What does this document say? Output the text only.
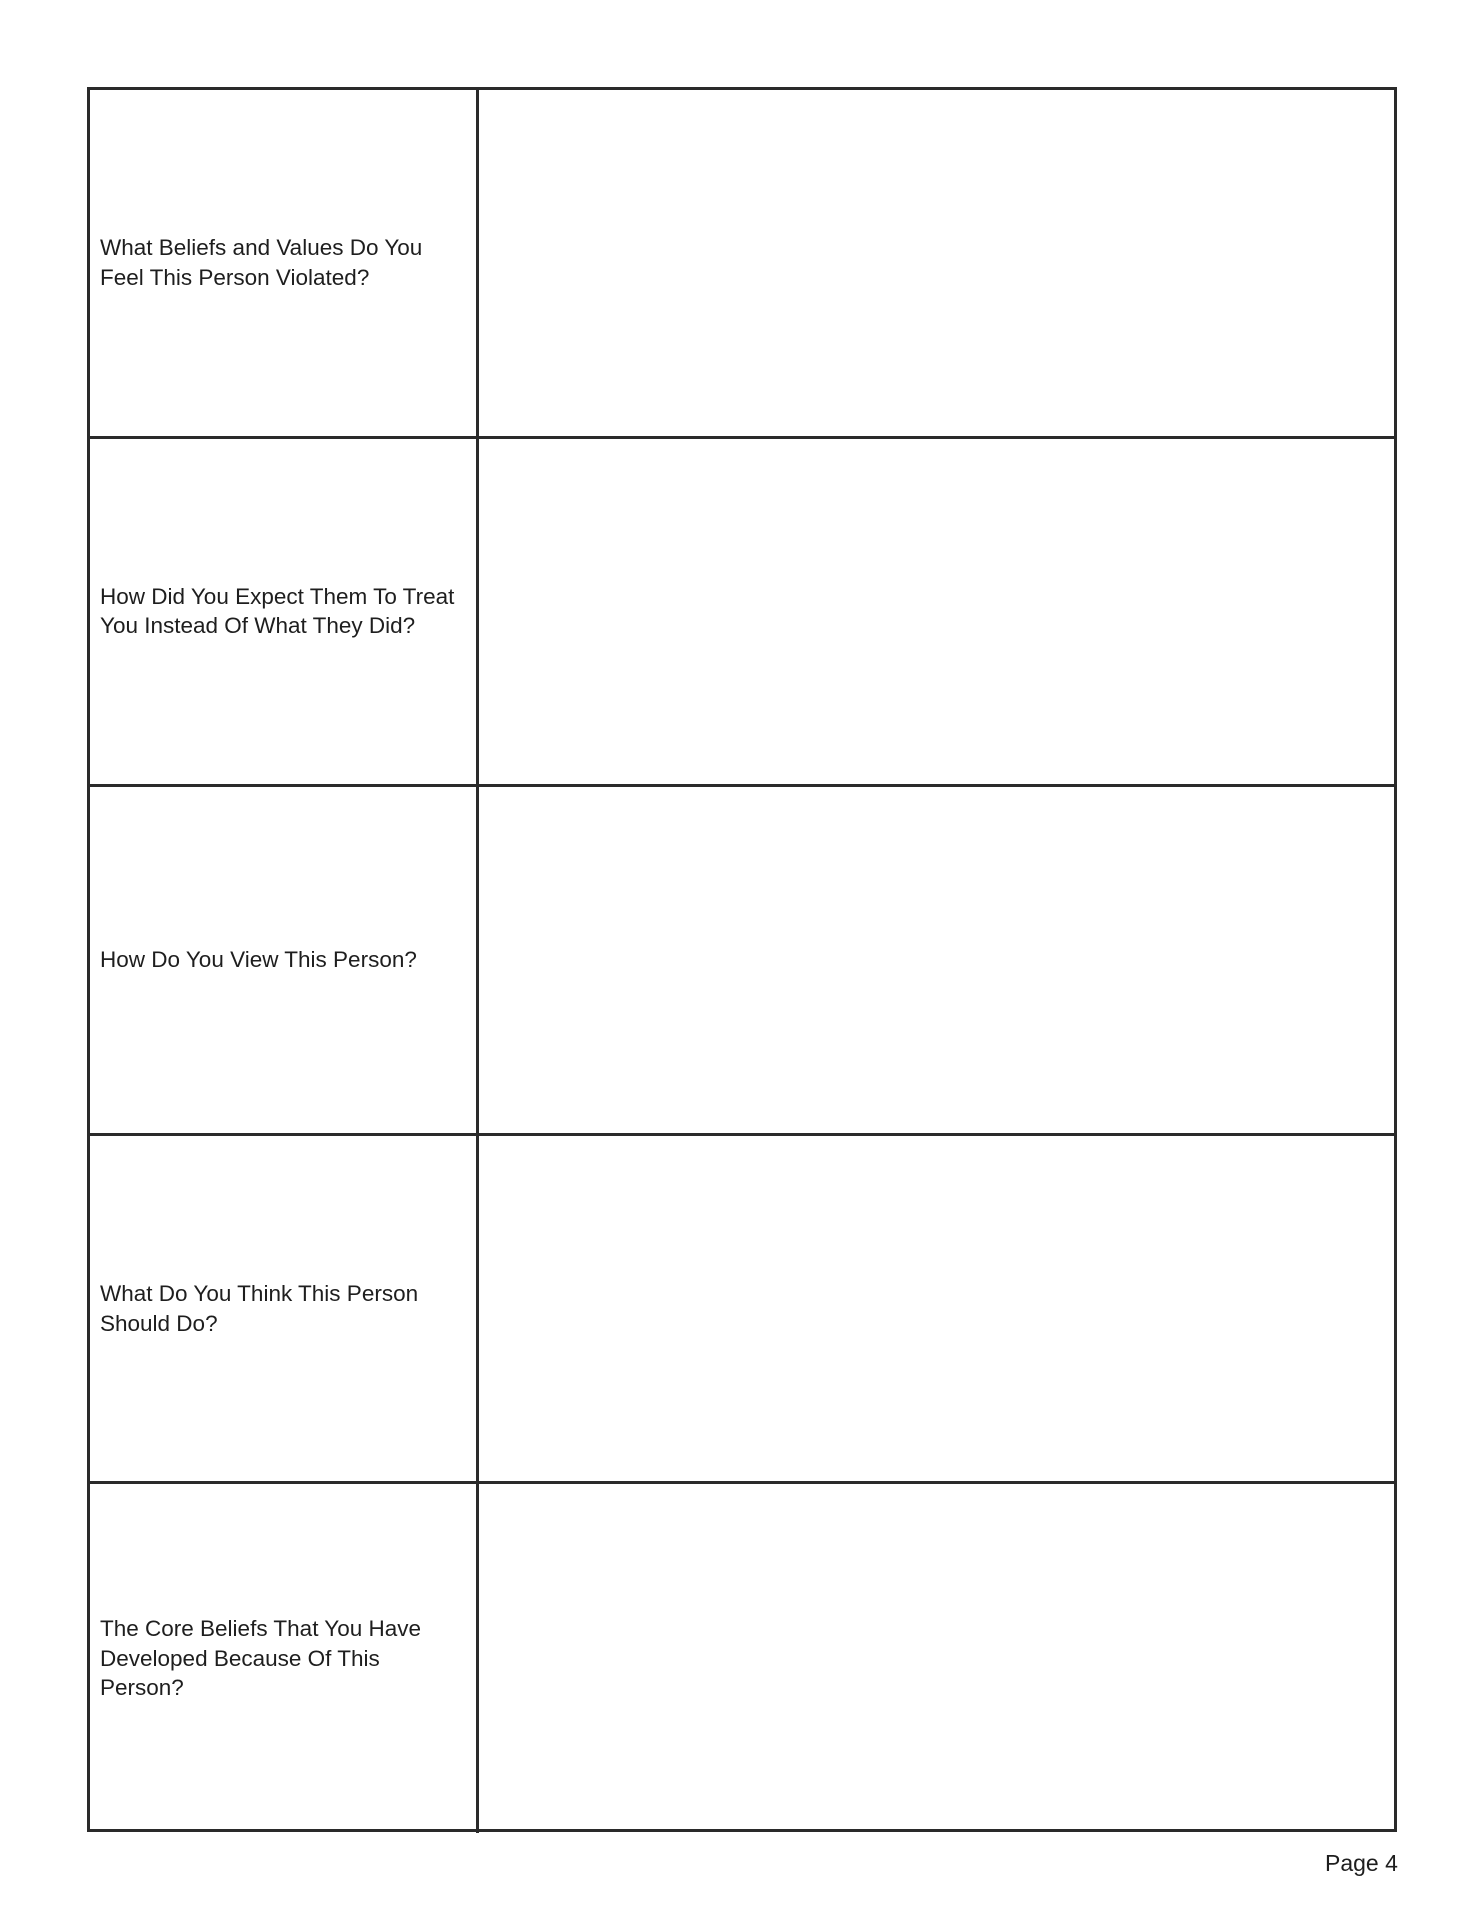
What Beliefs and Values Do You Feel This Person Violated?
How Did You Expect Them To Treat You Instead Of What They Did?
How Do You View This Person?
What Do You Think This Person Should Do?
The Core Beliefs That You Have Developed Because Of This Person?
Page 4
